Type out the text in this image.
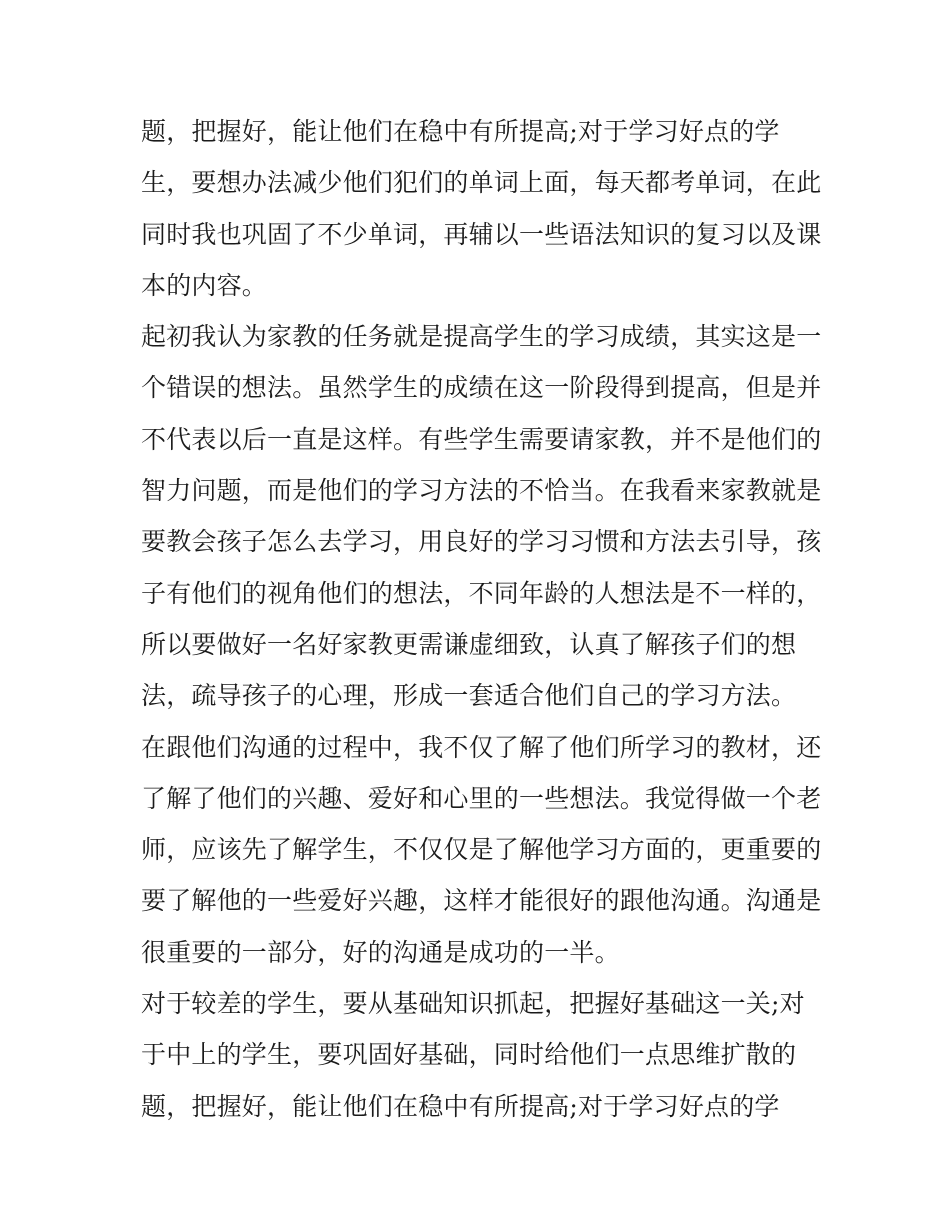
题，把握好，能让他们在稳中有所提高;对于学习好点的学
生，要想办法减少他们犯们的单词上面，每天都考单词，在此
同时我也巩固了不少单词，再辅以一些语法知识的复习以及课
本的内容。
起初我认为家教的任务就是提高学生的学习成绩，其实这是一
个错误的想法。虽然学生的成绩在这一阶段得到提高，但是并
不代表以后一直是这样。有些学生需要请家教，并不是他们的
智力问题，而是他们的学习方法的不恰当。在我看来家教就是
要教会孩子怎么去学习，用良好的学习习惯和方法去引导，孩
子有他们的视角他们的想法，不同年龄的人想法是不一样的，
所以要做好一名好家教更需谦虚细致，认真了解孩子们的想
法，疏导孩子的心理，形成一套适合他们自己的学习方法。
在跟他们沟通的过程中，我不仅了解了他们所学习的教材，还
了解了他们的兴趣、爱好和心里的一些想法。我觉得做一个老
师，应该先了解学生，不仅仅是了解他学习方面的，更重要的
要了解他的一些爱好兴趣，这样才能很好的跟他沟通。沟通是
很重要的一部分，好的沟通是成功的一半。
对于较差的学生，要从基础知识抓起，把握好基础这一关;对
于中上的学生，要巩固好基础，同时给他们一点思维扩散的
题，把握好，能让他们在稳中有所提高;对于学习好点的学
